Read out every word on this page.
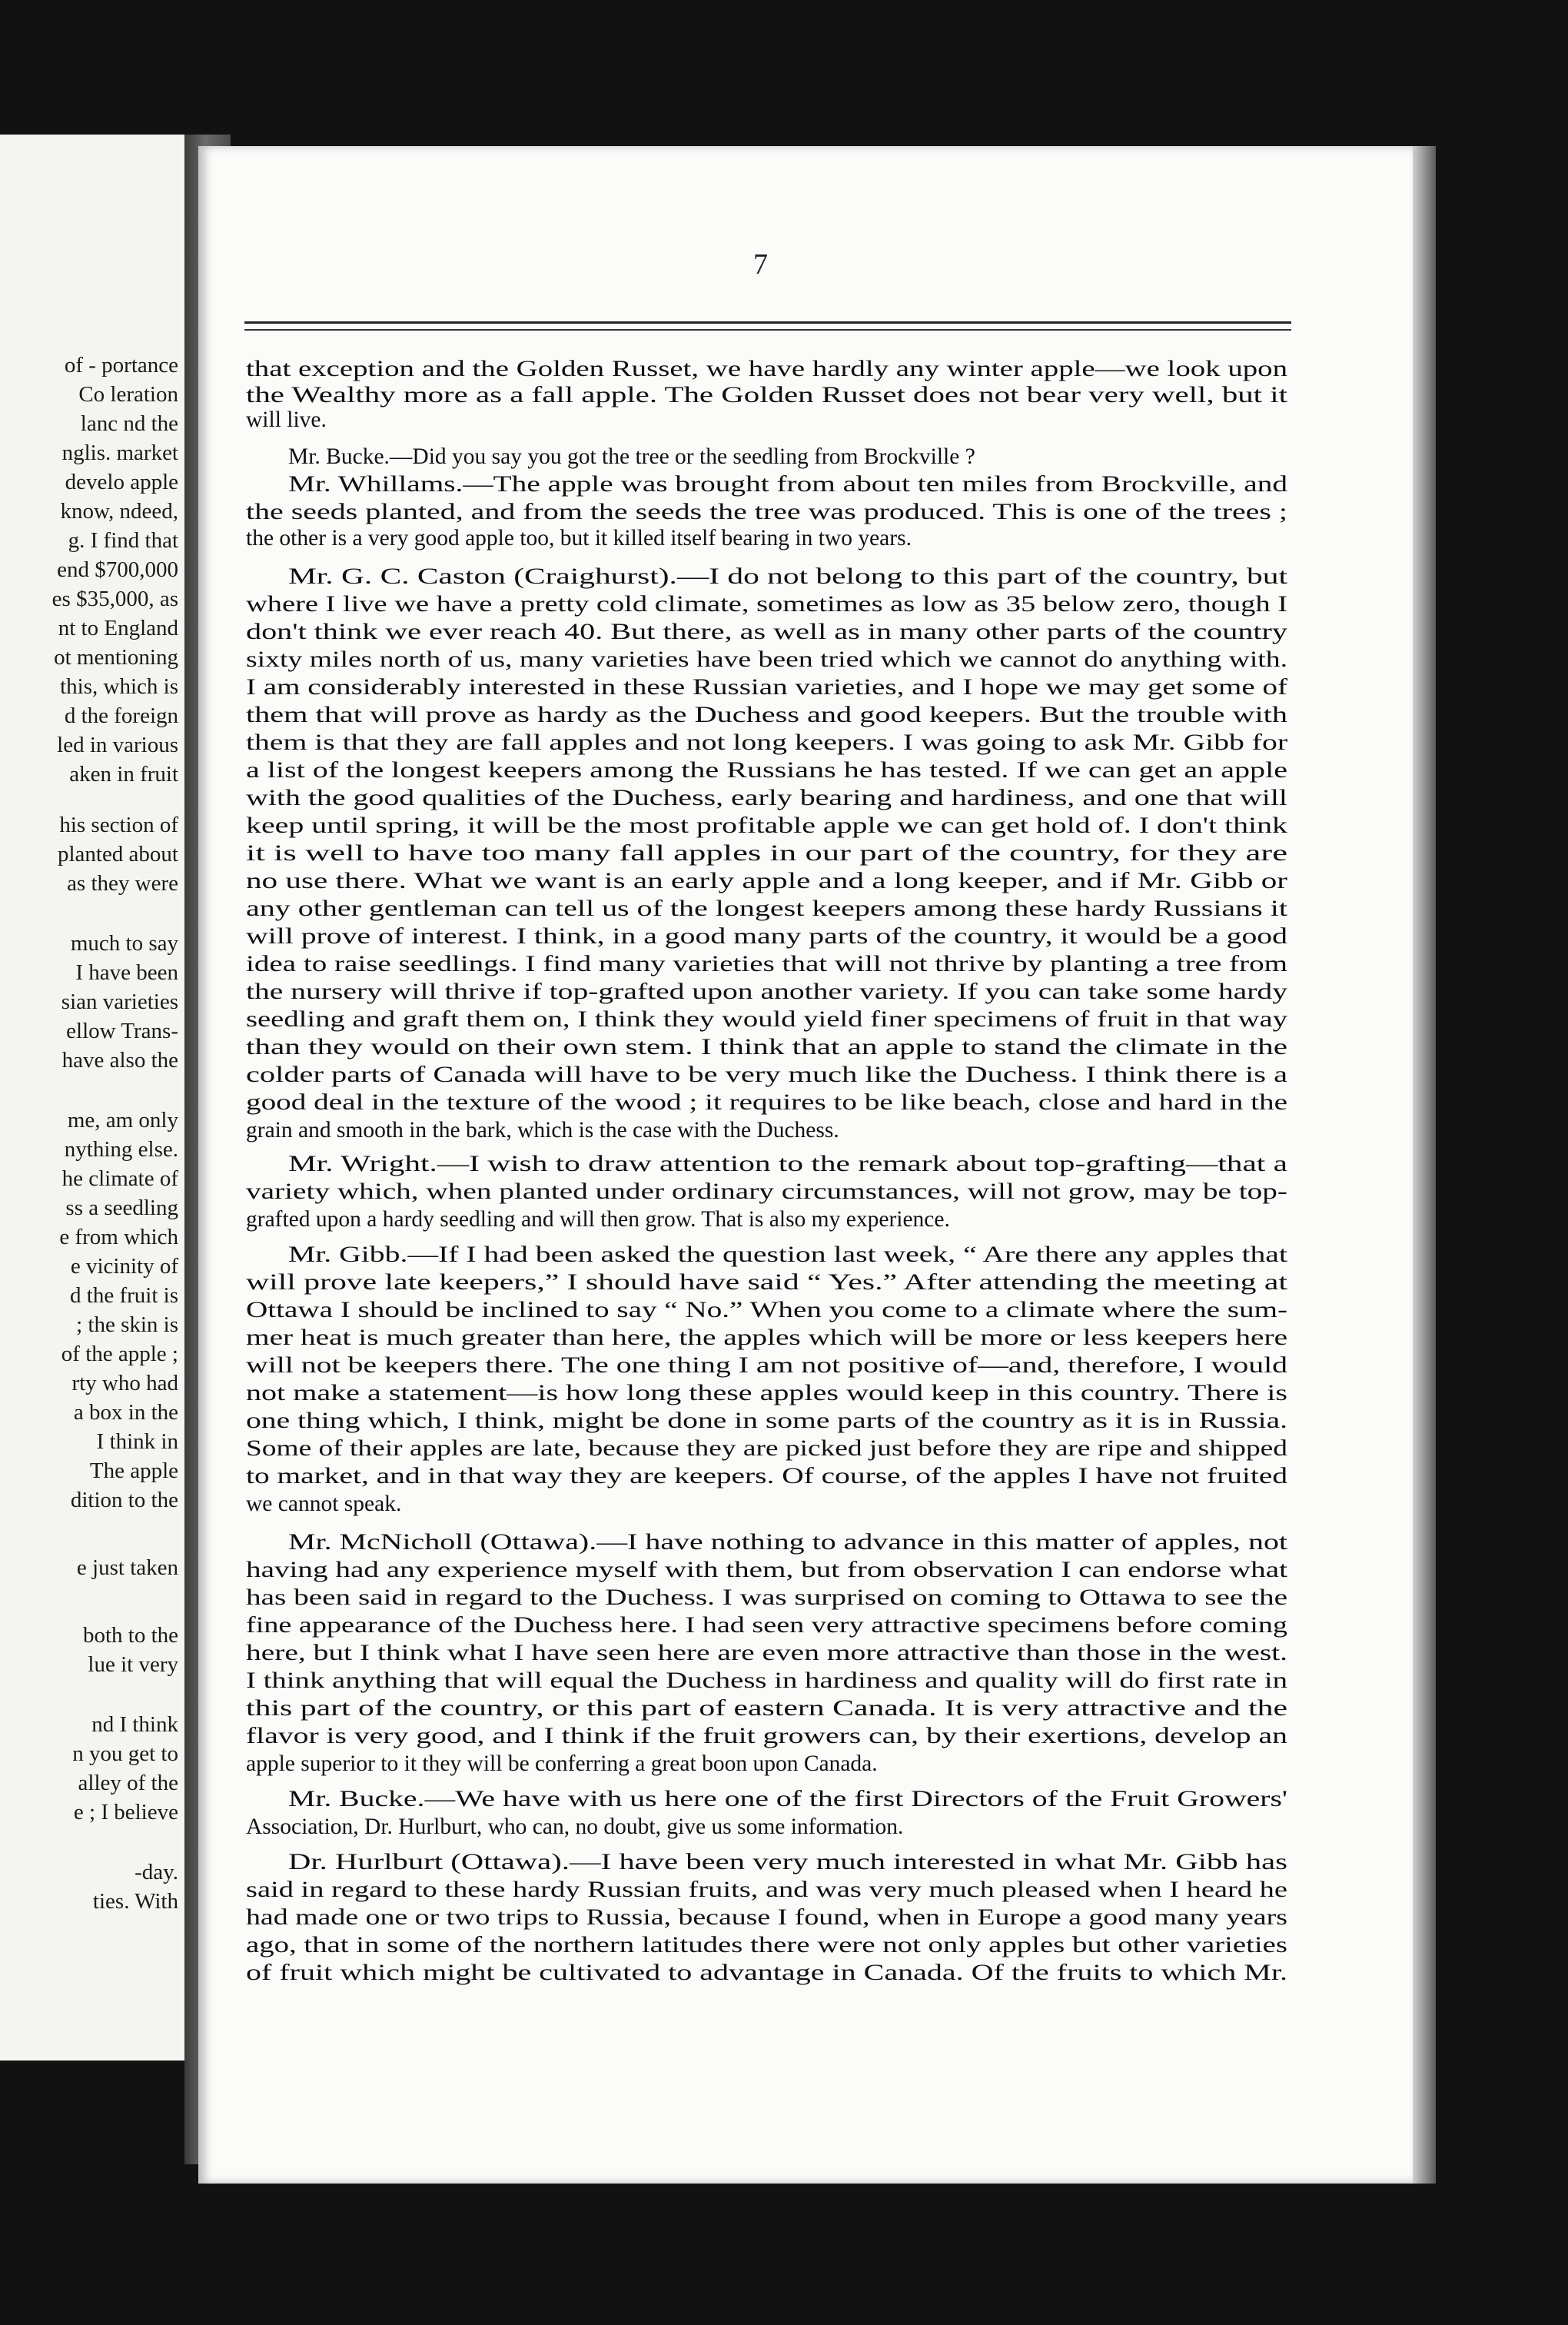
of - portance
Co leration
lanc nd the
nglis. market
develo apple
know, ndeed,
g. I find that
end $700,000
es $35,000, as
nt to England
ot mentioning
this, which is
d the foreign
led in various
aken in fruit
his section of
planted about
as they were
much to say
I have been
sian varieties
ellow Trans-
have also the
me, am only
nything else.
he climate of
ss a seedling
e from which
e vicinity of
d the fruit is
; the skin is
of the apple ;
rty who had
a box in the
I think in
The apple
dition to the
e just taken
both to the
lue it very
nd I think
n you get to
alley of the
e ; I believe
-day.
ties. With
7
that exception and the Golden Russet, we have hardly any winter apple—we look upon
the Wealthy more as a fall apple. The Golden Russet does not bear very well, but it
will live.
Mr. Bucke.—Did you say you got the tree or the seedling from Brockville ?
Mr. Whillams.—The apple was brought from about ten miles from Brockville, and
the seeds planted, and from the seeds the tree was produced. This is one of the trees ;
the other is a very good apple too, but it killed itself bearing in two years.
Mr. G. C. Caston (Craighurst).—I do not belong to this part of the country, but
where I live we have a pretty cold climate, sometimes as low as 35 below zero, though I
don't think we ever reach 40. But there, as well as in many other parts of the country
sixty miles north of us, many varieties have been tried which we cannot do anything with.
I am considerably interested in these Russian varieties, and I hope we may get some of
them that will prove as hardy as the Duchess and good keepers. But the trouble with
them is that they are fall apples and not long keepers. I was going to ask Mr. Gibb for
a list of the longest keepers among the Russians he has tested. If we can get an apple
with the good qualities of the Duchess, early bearing and hardiness, and one that will
keep until spring, it will be the most profitable apple we can get hold of. I don't think
it is well to have too many fall apples in our part of the country, for they are
no use there. What we want is an early apple and a long keeper, and if Mr. Gibb or
any other gentleman can tell us of the longest keepers among these hardy Russians it
will prove of interest. I think, in a good many parts of the country, it would be a good
idea to raise seedlings. I find many varieties that will not thrive by planting a tree from
the nursery will thrive if top-grafted upon another variety. If you can take some hardy
seedling and graft them on, I think they would yield finer specimens of fruit in that way
than they would on their own stem. I think that an apple to stand the climate in the
colder parts of Canada will have to be very much like the Duchess. I think there is a
good deal in the texture of the wood ; it requires to be like beach, close and hard in the
grain and smooth in the bark, which is the case with the Duchess.
Mr. Wright.—I wish to draw attention to the remark about top-grafting—that a
variety which, when planted under ordinary circumstances, will not grow, may be top-
grafted upon a hardy seedling and will then grow. That is also my experience.
Mr. Gibb.—If I had been asked the question last week, “ Are there any apples that
will prove late keepers,” I should have said “ Yes.” After attending the meeting at
Ottawa I should be inclined to say “ No.” When you come to a climate where the sum-
mer heat is much greater than here, the apples which will be more or less keepers here
will not be keepers there. The one thing I am not positive of—and, therefore, I would
not make a statement—is how long these apples would keep in this country. There is
one thing which, I think, might be done in some parts of the country as it is in Russia.
Some of their apples are late, because they are picked just before they are ripe and shipped
to market, and in that way they are keepers. Of course, of the apples I have not fruited
we cannot speak.
Mr. McNicholl (Ottawa).—I have nothing to advance in this matter of apples, not
having had any experience myself with them, but from observation I can endorse what
has been said in regard to the Duchess. I was surprised on coming to Ottawa to see the
fine appearance of the Duchess here. I had seen very attractive specimens before coming
here, but I think what I have seen here are even more attractive than those in the west.
I think anything that will equal the Duchess in hardiness and quality will do first rate in
this part of the country, or this part of eastern Canada. It is very attractive and the
flavor is very good, and I think if the fruit growers can, by their exertions, develop an
apple superior to it they will be conferring a great boon upon Canada.
Mr. Bucke.—We have with us here one of the first Directors of the Fruit Growers'
Association, Dr. Hurlburt, who can, no doubt, give us some information.
Dr. Hurlburt (Ottawa).—I have been very much interested in what Mr. Gibb has
said in regard to these hardy Russian fruits, and was very much pleased when I heard he
had made one or two trips to Russia, because I found, when in Europe a good many years
ago, that in some of the northern latitudes there were not only apples but other varieties
of fruit which might be cultivated to advantage in Canada. Of the fruits to which Mr.
